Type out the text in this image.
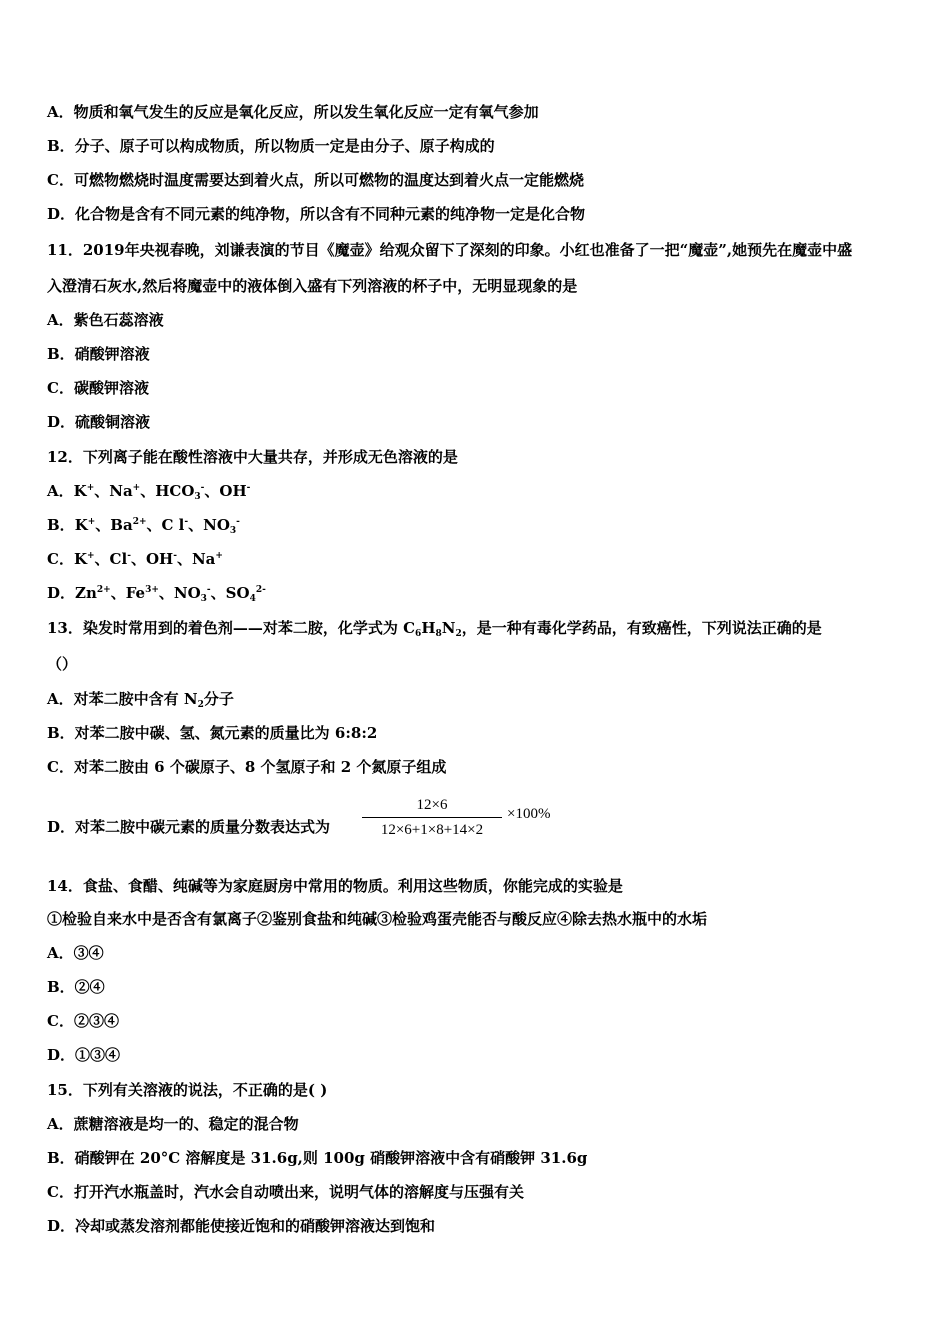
A．物质和氧气发生的反应是氧化反应，所以发生氧化反应一定有氧气参加
B．分子、原子可以构成物质，所以物质一定是由分子、原子构成的
C．可燃物燃烧时温度需要达到着火点，所以可燃物的温度达到着火点一定能燃烧
D．化合物是含有不同元素的纯净物，所以含有不同种元素的纯净物一定是化合物
11．2019年央视春晚，刘谦表演的节目《魔壶》给观众留下了深刻的印象。小红也准备了一把“魔壶”,她预先在魔壶中盛
入澄清石灰水,然后将魔壶中的液体倒入盛有下列溶液的杯子中，无明显现象的是
A．紫色石蕊溶液
B．硝酸钾溶液
C．碳酸钾溶液
D．硫酸铜溶液
12．下列离子能在酸性溶液中大量共存，并形成无色溶液的是
A．K+、Na+、$HCO_3^-$、OH-
B．K+、$Ba^{2+}$、C l-、$NO_3^-$
C．K+、Cl-、OH-、Na+
D．$Zn^{2+}$、$Fe^{3+}$、$NO_3^-$、$SO_4^{2-}$
13．染发时常用到的着色剂——对苯二胺，化学式为 $C_6H_8N_2$，是一种有毒化学药品，有致癌性，下列说法正确的是
（）
A．对苯二胺中含有 $N_2$分子
B．对苯二胺中碳、氢、氮元素的质量比为 6:8:2
C．对苯二胺由 6 个碳原子、8 个氢原子和 2 个氮原子组成
D．对苯二胺中碳元素的质量分数表达式为
12×6
12×6+1×8+14×2
×100%
14．食盐、食醋、纯碱等为家庭厨房中常用的物质。利用这些物质，你能完成的实验是
①检验自来水中是否含有氯离子②鉴别食盐和纯碱③检验鸡蛋壳能否与酸反应④除去热水瓶中的水垢
A．③④
B．②④
C．②③④
D．①③④
15．下列有关溶液的说法，不正确的是( )
A．蔗糖溶液是均一的、稳定的混合物
B．硝酸钾在 20°C 溶解度是 31.6g,则 100g 硝酸钾溶液中含有硝酸钾 31.6g
C．打开汽水瓶盖时，汽水会自动喷出来，说明气体的溶解度与压强有关
D．冷却或蒸发溶剂都能使接近饱和的硝酸钾溶液达到饱和
